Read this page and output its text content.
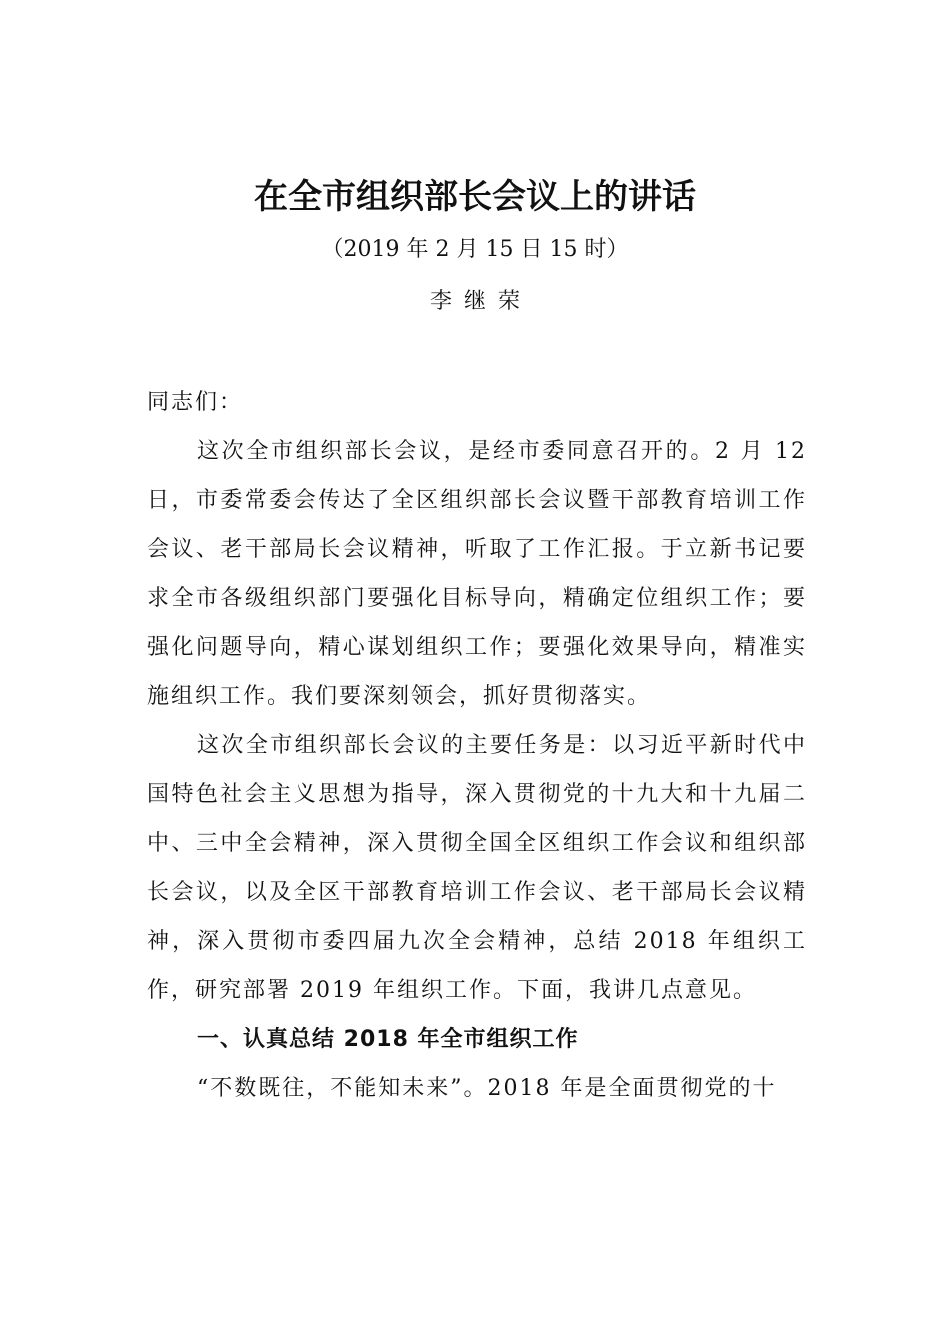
在全市组织部长会议上的讲话
（2019 年 2 月 15 日 15 时）
李继荣

同志们：

这次全市组织部长会议，是经市委同意召开的。2 月 12 日，市委常委会传达了全区组织部长会议暨干部教育培训工作会议、老干部局长会议精神，听取了工作汇报。于立新书记要求全市各级组织部门要强化目标导向，精确定位组织工作；要强化问题导向，精心谋划组织工作；要强化效果导向，精准实施组织工作。我们要深刻领会，抓好贯彻落实。

这次全市组织部长会议的主要任务是：以习近平新时代中国特色社会主义思想为指导，深入贯彻党的十九大和十九届二中、三中全会精神，深入贯彻全国全区组织工作会议和组织部长会议，以及全区干部教育培训工作会议、老干部局长会议精神，深入贯彻市委四届九次全会精神，总结 2018 年组织工作，研究部署 2019 年组织工作。下面，我讲几点意见。

一、认真总结 2018 年全市组织工作

“不数既往，不能知未来”。2018 年是全面贯彻党的十
